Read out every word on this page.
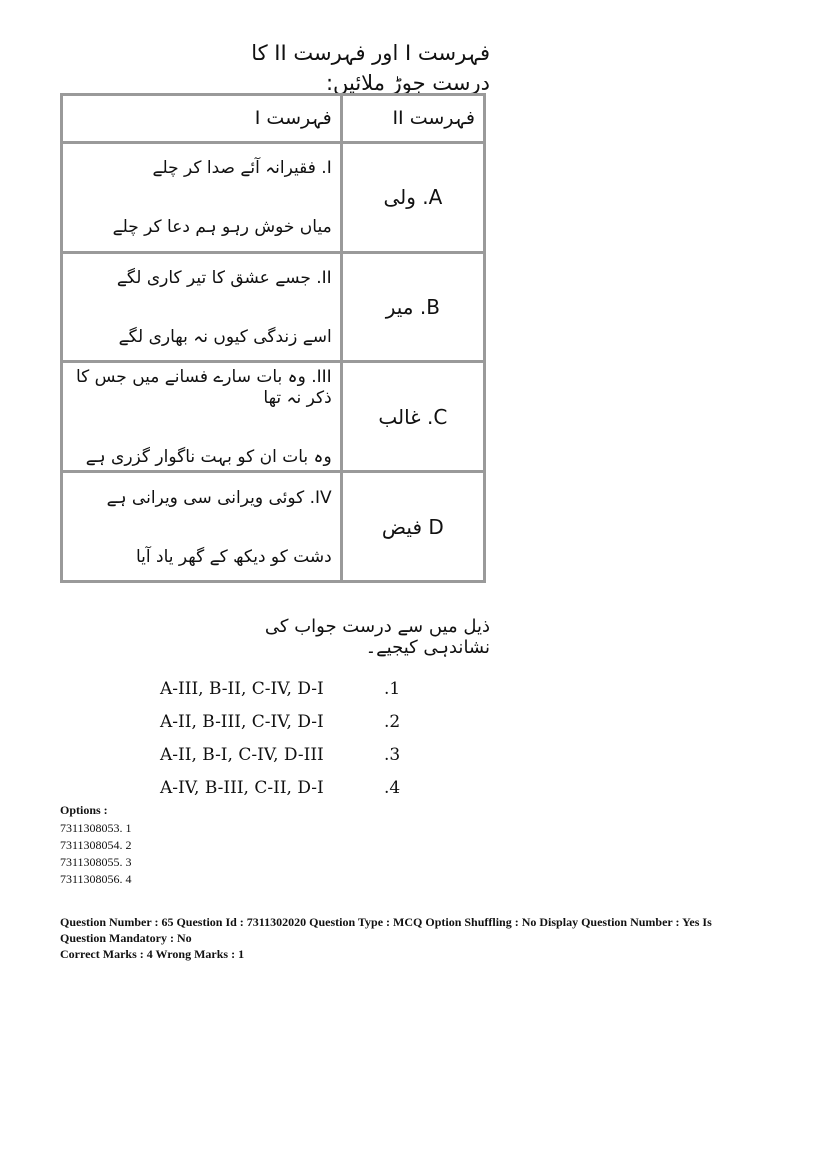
فہرست I اور فہرست II کا درست جوڑ ملائیں:
فہرست I	فہرست II

I. فقیرانہ آئے صدا کر چلے
میاں خوش رہو ہم دعا کر چلے	A. ولی

II. جسے عشق کا تیر کاری لگے
اسے زندگی کیوں نہ بھاری لگے	B. میر

III. وہ بات سارے فسانے میں جس کا ذکر نہ تھا
وہ بات ان کو بہت ناگوار گزری ہے	C. غالب

IV. کوئی ویرانی سی ویرانی ہے
دشت کو دیکھ کے گھر یاد آیا	D فیض
ذیل میں سے درست جواب کی نشاندہی کیجیے۔
A-III, B-II, C-IV, D-I	.1
A-II, B-III, C-IV, D-I	.2
A-II, B-I, C-IV, D-III	.3
A-IV, B-III, C-II, D-I	.4
Options :
7311308053. 1
7311308054. 2
7311308055. 3
7311308056. 4
Question Number : 65 Question Id : 7311302020 Question Type : MCQ Option Shuffling : No Display Question Number : Yes Is
Question Mandatory : No
Correct Marks : 4 Wrong Marks : 1
